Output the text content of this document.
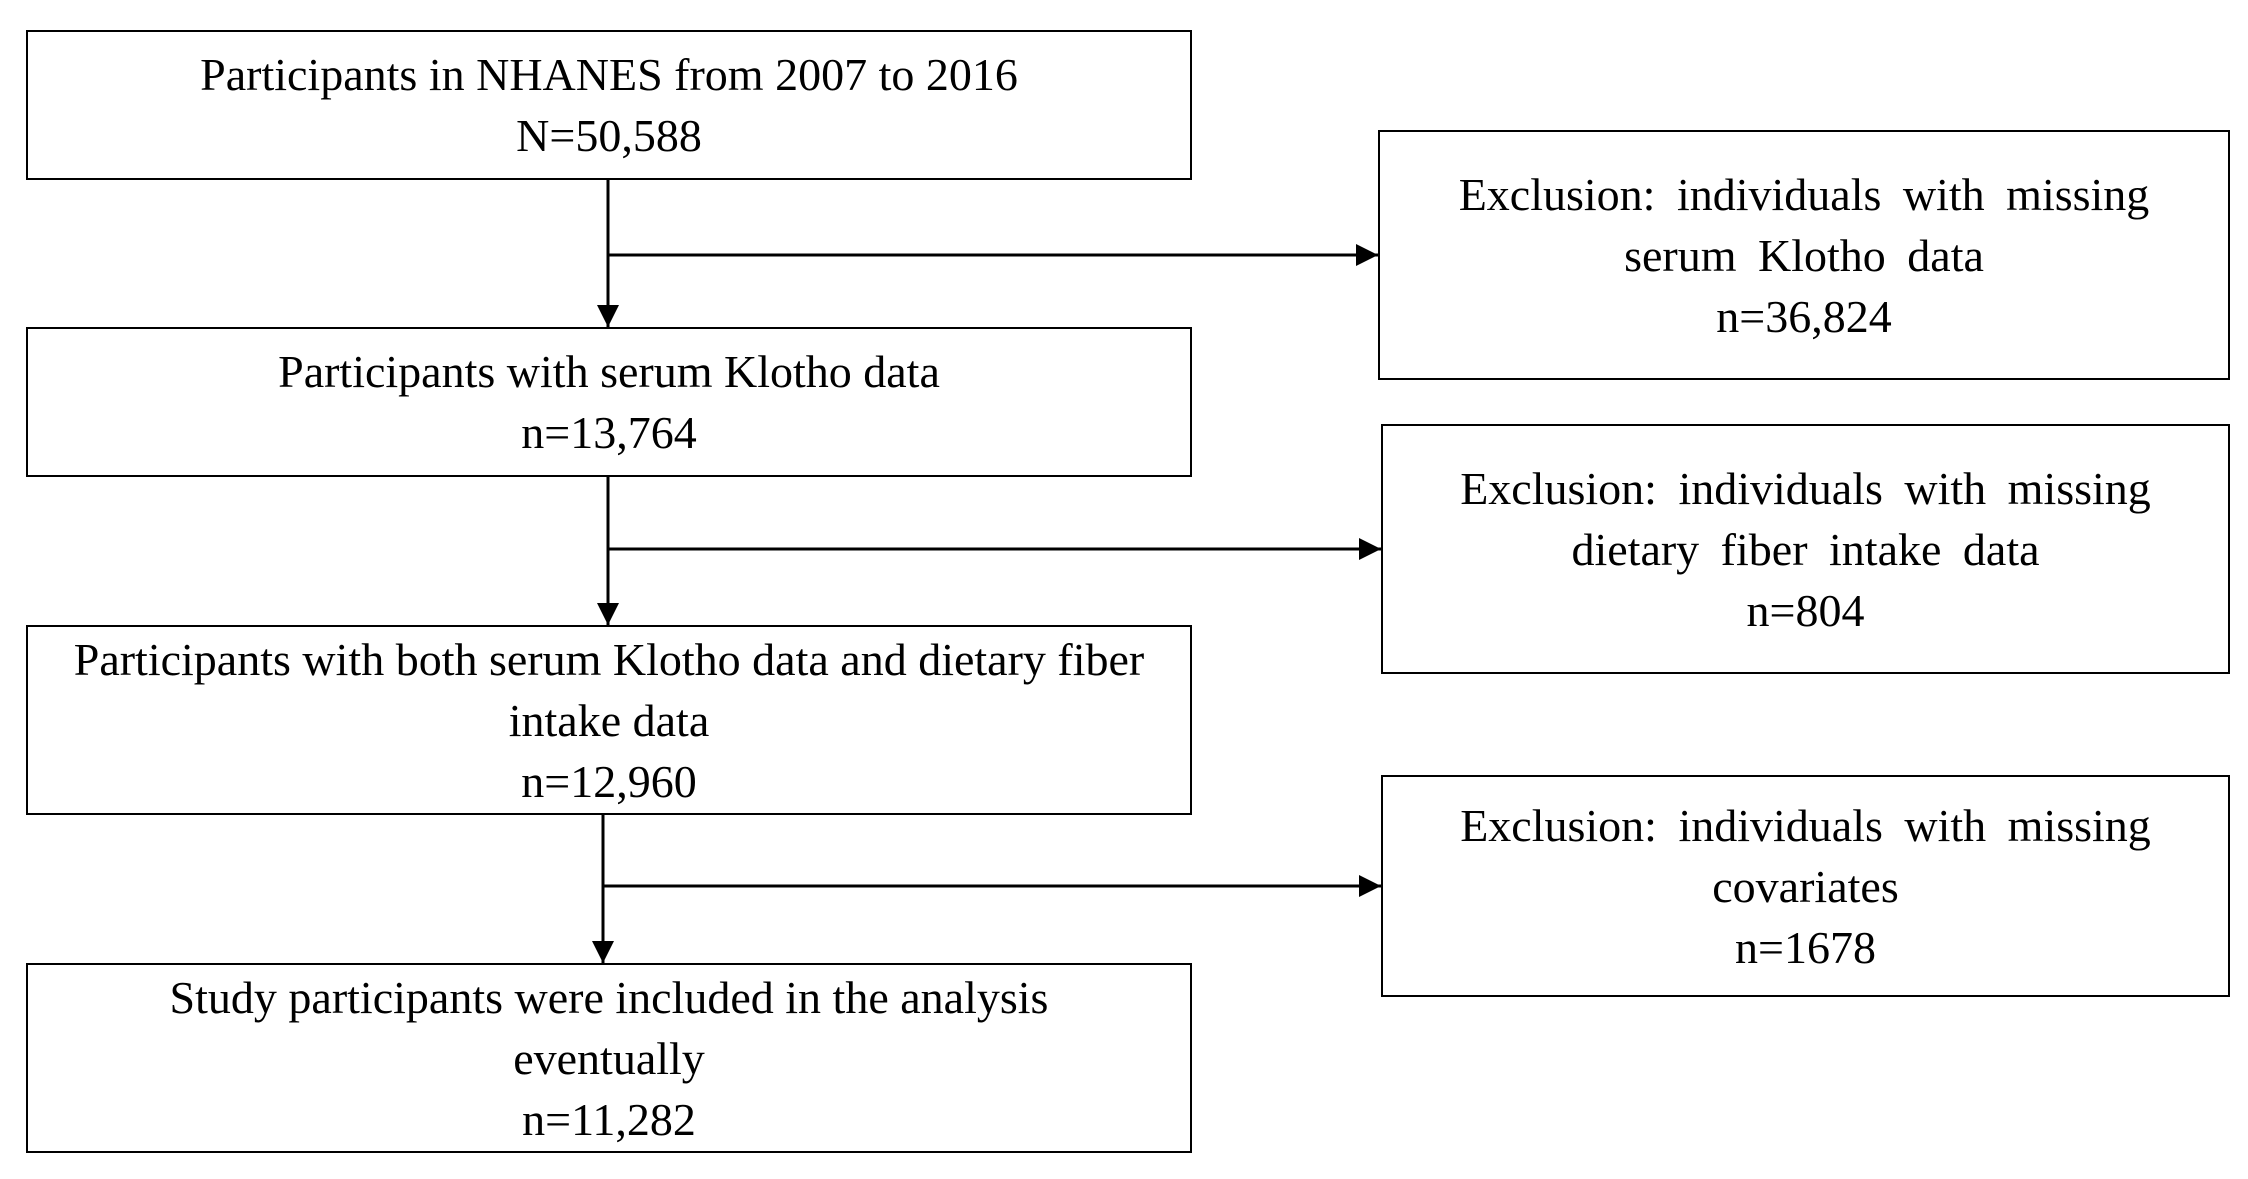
Participants in NHANES from 2007 to 2016
N=50,588
Participants with serum Klotho data
n=13,764
Participants with both serum Klotho data and dietary fiber intake data
n=12,960
Study participants were included in the analysis eventually
n=11,282
Exclusion: individuals with missing serum Klotho data
n=36,824
Exclusion: individuals with missing dietary fiber intake data
n=804
Exclusion: individuals with missing covariates
n=1678
